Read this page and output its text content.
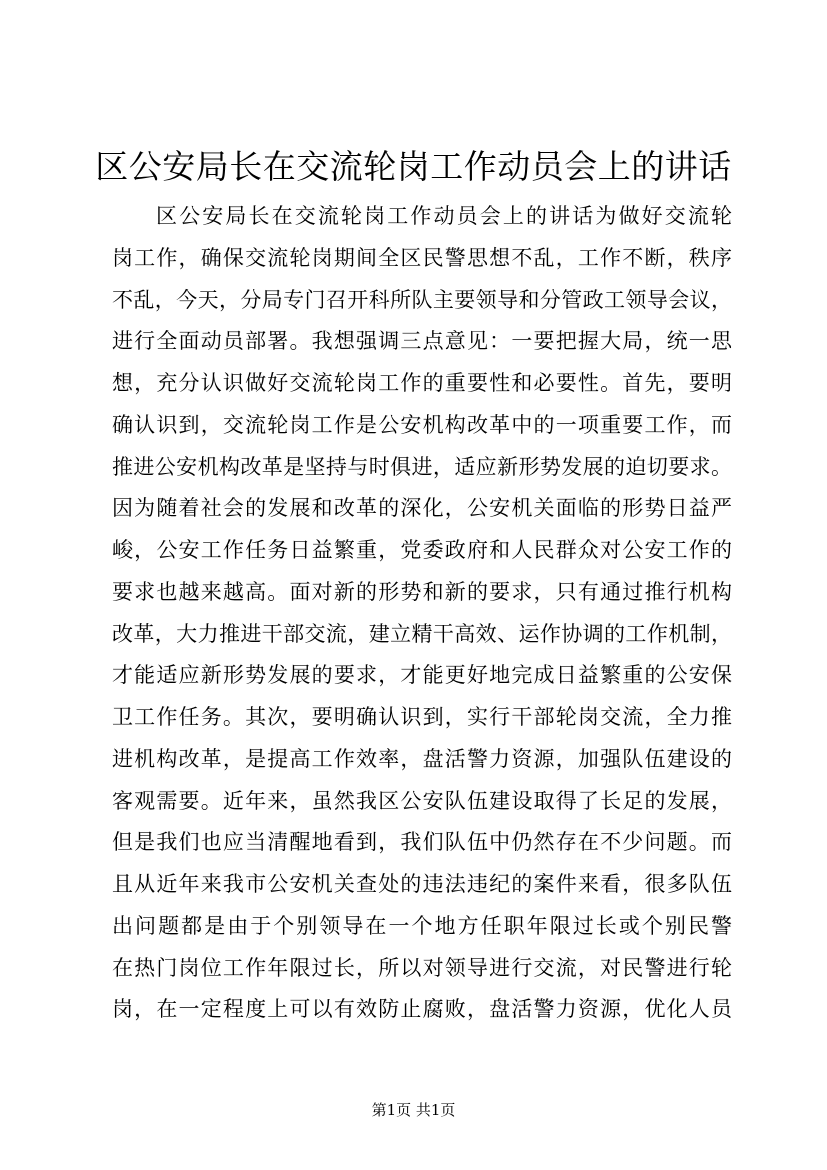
区公安局长在交流轮岗工作动员会上的讲话
区公安局长在交流轮岗工作动员会上的讲话为做好交流轮
岗工作，确保交流轮岗期间全区民警思想不乱，工作不断，秩序
不乱，今天，分局专门召开科所队主要领导和分管政工领导会议，
进行全面动员部署。我想强调三点意见：一要把握大局，统一思
想，充分认识做好交流轮岗工作的重要性和必要性。首先，要明
确认识到，交流轮岗工作是公安机构改革中的一项重要工作，而
推进公安机构改革是坚持与时俱进，适应新形势发展的迫切要求。
因为随着社会的发展和改革的深化，公安机关面临的形势日益严
峻，公安工作任务日益繁重，党委政府和人民群众对公安工作的
要求也越来越高。面对新的形势和新的要求，只有通过推行机构
改革，大力推进干部交流，建立精干高效、运作协调的工作机制，
才能适应新形势发展的要求，才能更好地完成日益繁重的公安保
卫工作任务。其次，要明确认识到，实行干部轮岗交流，全力推
进机构改革，是提高工作效率，盘活警力资源，加强队伍建设的
客观需要。近年来，虽然我区公安队伍建设取得了长足的发展，
但是我们也应当清醒地看到，我们队伍中仍然存在不少问题。而
且从近年来我市公安机关查处的违法违纪的案件来看，很多队伍
出问题都是由于个别领导在一个地方任职年限过长或个别民警
在热门岗位工作年限过长，所以对领导进行交流，对民警进行轮
岗，在一定程度上可以有效防止腐败，盘活警力资源，优化人员
第1页 共1页
